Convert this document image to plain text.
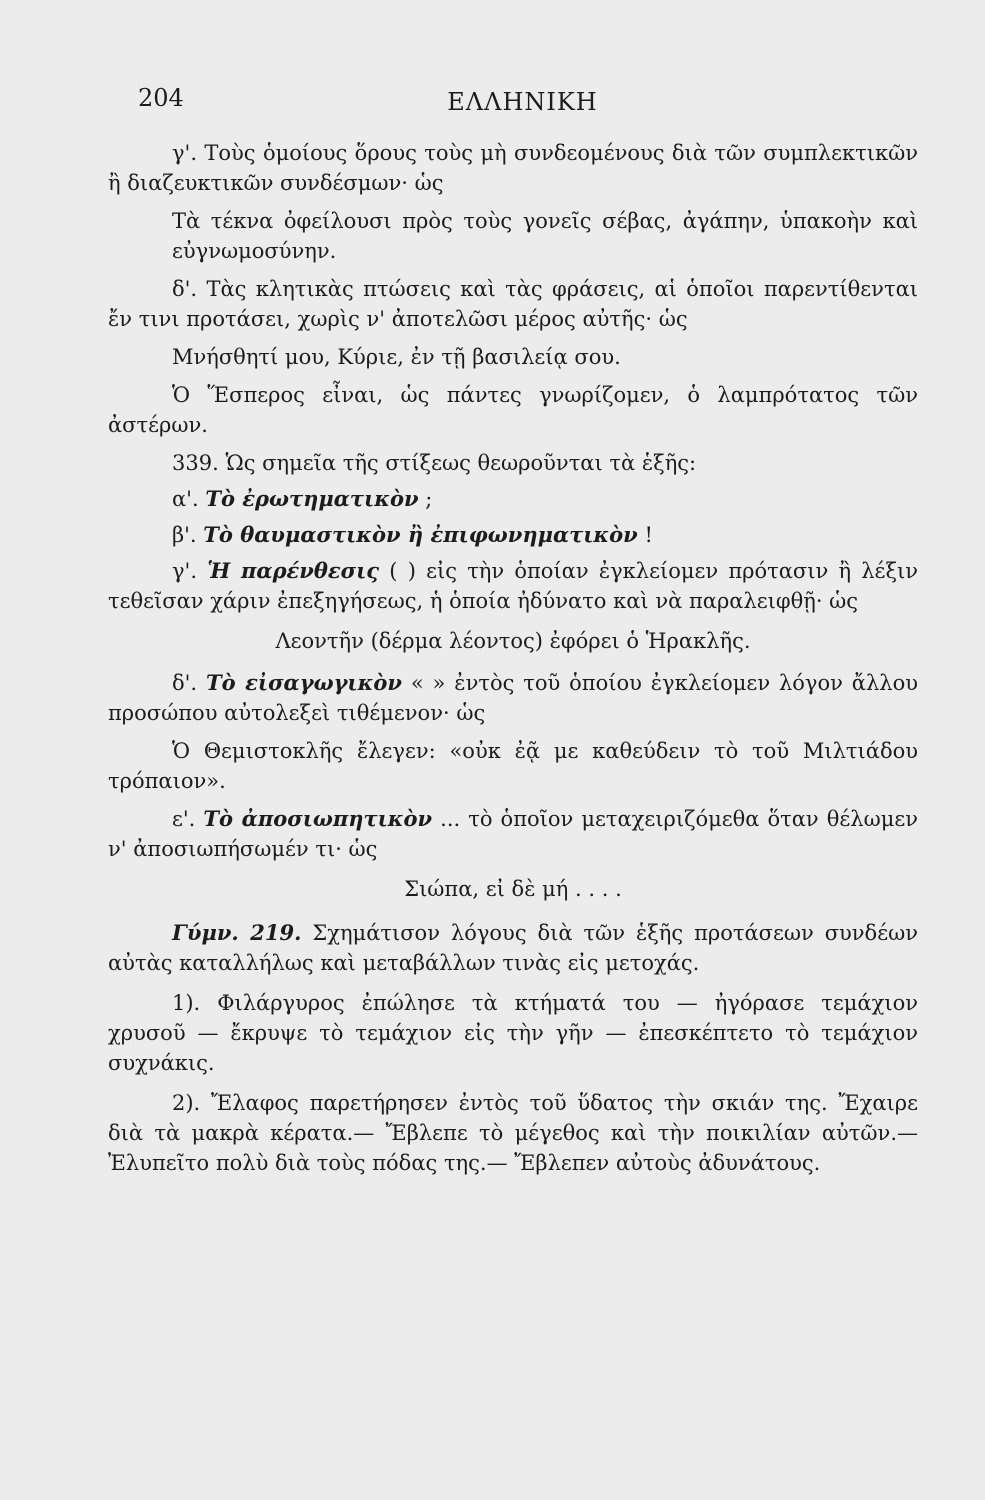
204	ΕΛΛΗΝΙΚΗ

γ'. Τοὺς ὁμοίους ὅρους τοὺς μὴ συνδεομένους διὰ τῶν συμπλεκτικῶν ἢ διαζευκτικῶν συνδέσμων· ὡς

Τὰ τέκνα ὀφείλουσι πρὸς τοὺς γονεῖς σέβας, ἀγάπην, ὑπακοὴν καὶ εὐγνωμοσύνην.

δ'. Τὰς κλητικὰς πτώσεις καὶ τὰς φράσεις, αἱ ὁποῖοι παρεντίθενται ἔν τινι προτάσει, χωρὶς ν' ἀποτελῶσι μέρος αὐτῆς· ὡς

Μνήσθητί μου, Κύριε, ἐν τῇ βασιλείᾳ σου.

Ὁ Ἕσπερος εἶναι, ὡς πάντες γνωρίζομεν, ὁ λαμπρότατος τῶν ἀστέρων.

339. Ὡς σημεῖα τῆς στίξεως θεωροῦνται τὰ ἑξῆς:

α'. Τὸ ἐρωτηματικὸν ;

β'. Τὸ θαυμαστικὸν ἢ ἐπιφωνηματικὸν !

γ'. Ἡ παρένθεσις ( ) εἰς τὴν ὁποίαν ἐγκλείομεν πρότασιν ἢ λέξιν τεθεῖσαν χάριν ἐπεξηγήσεως, ἡ ὁποία ἠδύνατο καὶ νὰ παραλειφθῇ· ὡς

Λεοντῆν (δέρμα λέοντος) ἐφόρει ὁ Ἡρακλῆς.

δ'. Τὸ εἰσαγωγικὸν « » ἐντὸς τοῦ ὁποίου ἐγκλείομεν λόγον ἄλλου προσώπου αὐτολεξεὶ τιθέμενον· ὡς

Ὁ Θεμιστοκλῆς ἔλεγεν: «οὐκ ἐᾷ με καθεύδειν τὸ τοῦ Μιλτιάδου τρόπαιον».

ε'. Τὸ ἀποσιωπητικὸν ... τὸ ὁποῖον μεταχειριζόμεθα ὅταν θέλωμεν ν' ἀποσιωπήσωμέν τι· ὡς

Σιώπα, εἰ δὲ μή . . . .

Γύμν. 219. Σχημάτισον λόγους διὰ τῶν ἑξῆς προτάσεων συνδέων αὐτὰς καταλλήλως καὶ μεταβάλλων τινὰς εἰς μετοχάς.

1). Φιλάργυρος ἐπώλησε τὰ κτήματά του — ἠγόρασε τεμάχιον χρυσοῦ — ἔκρυψε τὸ τεμάχιον εἰς τὴν γῆν — ἐπεσκέπτετο τὸ τεμάχιον συχνάκις.

2). Ἔλαφος παρετήρησεν ἐντὸς τοῦ ὕδατος τὴν σκιάν της. Ἔχαιρε διὰ τὰ μακρὰ κέρατα.— Ἔβλεπε τὸ μέγεθος καὶ τὴν ποικιλίαν αὐτῶν.— Ἐλυπεῖτο πολὺ διὰ τοὺς πόδας της.— Ἔβλεπεν αὐτοὺς ἀδυνάτους.
